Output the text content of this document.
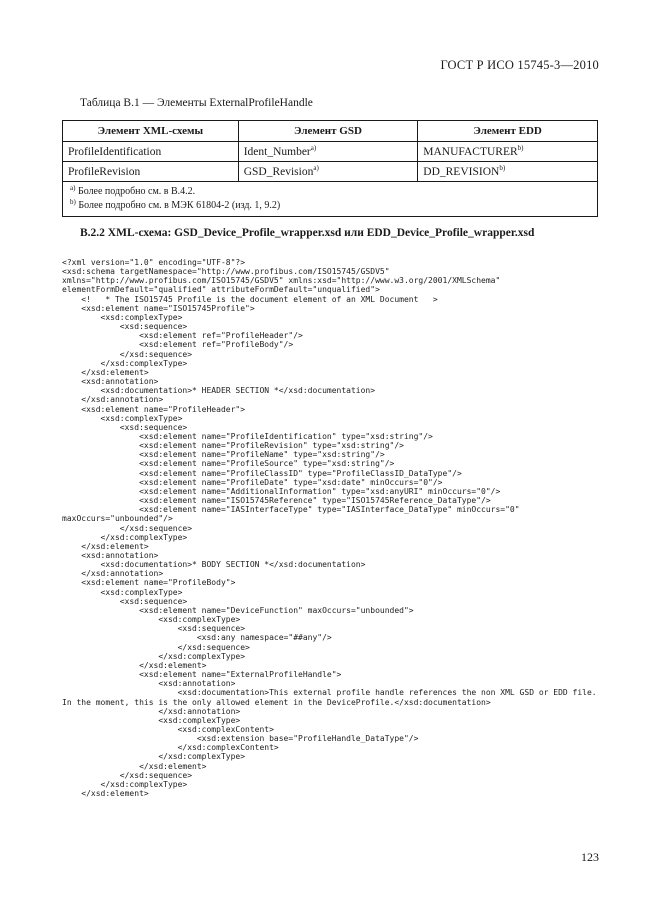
ГОСТ Р ИСО 15745-3—2010
Таблица В.1 — Элементы ExternalProfileHandle
Элемент XML-схемы	Элемент GSD	Элемент EDD
ProfileIdentification	Ident_Number$^{a)}$	MANUFACTURER$^{b)}$
ProfileRevision	GSD_Revision$^{a)}$	DD_REVISION$^{b)}$

$^{a)}$ Более подробно см. в В.4.2.
$^{b)}$ Более подробно см. в МЭК 61804-2 (изд. 1, 9.2)		
В.2.2 XML-схема: GSD_Device_Profile_wrapper.xsd или EDD_Device_Profile_wrapper.xsd
<?xml version="1.0" encoding="UTF-8"?>
<xsd:schema targetNamespace="http://www.profibus.com/ISO15745/GSDV5"
xmlns="http://www.profibus.com/ISO15745/GSDV5" xmlns:xsd="http://www.w3.org/2001/XMLSchema"
elementFormDefault="qualified" attributeFormDefault="unqualified">
<!   * The ISO15745 Profile is the document element of an XML Document   >
<xsd:element name="ISO15745Profile">
<xsd:complexType>
<xsd:sequence>
<xsd:element ref="ProfileHeader"/>
<xsd:element ref="ProfileBody"/>
</xsd:sequence>
</xsd:complexType>
</xsd:element>
<xsd:annotation>
<xsd:documentation>* HEADER SECTION *</xsd:documentation>
</xsd:annotation>
<xsd:element name="ProfileHeader">
<xsd:complexType>
<xsd:sequence>
<xsd:element name="ProfileIdentification" type="xsd:string"/>
<xsd:element name="ProfileRevision" type="xsd:string"/>
<xsd:element name="ProfileName" type="xsd:string"/>
<xsd:element name="ProfileSource" type="xsd:string"/>
<xsd:element name="ProfileClassID" type="ProfileClassID_DataType"/>
<xsd:element name="ProfileDate" type="xsd:date" minOccurs="0"/>
<xsd:element name="AdditionalInformation" type="xsd:anyURI" minOccurs="0"/>
<xsd:element name="ISO15745Reference" type="ISO15745Reference_DataType"/>
<xsd:element name="IASInterfaceType" type="IASInterface_DataType" minOccurs="0"
maxOccurs="unbounded"/>
</xsd:sequence>
</xsd:complexType>
</xsd:element>
<xsd:annotation>
<xsd:documentation>* BODY SECTION *</xsd:documentation>
</xsd:annotation>
<xsd:element name="ProfileBody">
<xsd:complexType>
<xsd:sequence>
<xsd:element name="DeviceFunction" maxOccurs="unbounded">
<xsd:complexType>
<xsd:sequence>
<xsd:any namespace="##any"/>
</xsd:sequence>
</xsd:complexType>
</xsd:element>
<xsd:element name="ExternalProfileHandle">
<xsd:annotation>
<xsd:documentation>This external profile handle references the non XML GSD or EDD file.
In the moment, this is the only allowed element in the DeviceProfile.</xsd:documentation>
</xsd:annotation>
<xsd:complexType>
<xsd:complexContent>
<xsd:extension base="ProfileHandle_DataType"/>
</xsd:complexContent>
</xsd:complexType>
</xsd:element>
</xsd:sequence>
</xsd:complexType>
</xsd:element>

123
